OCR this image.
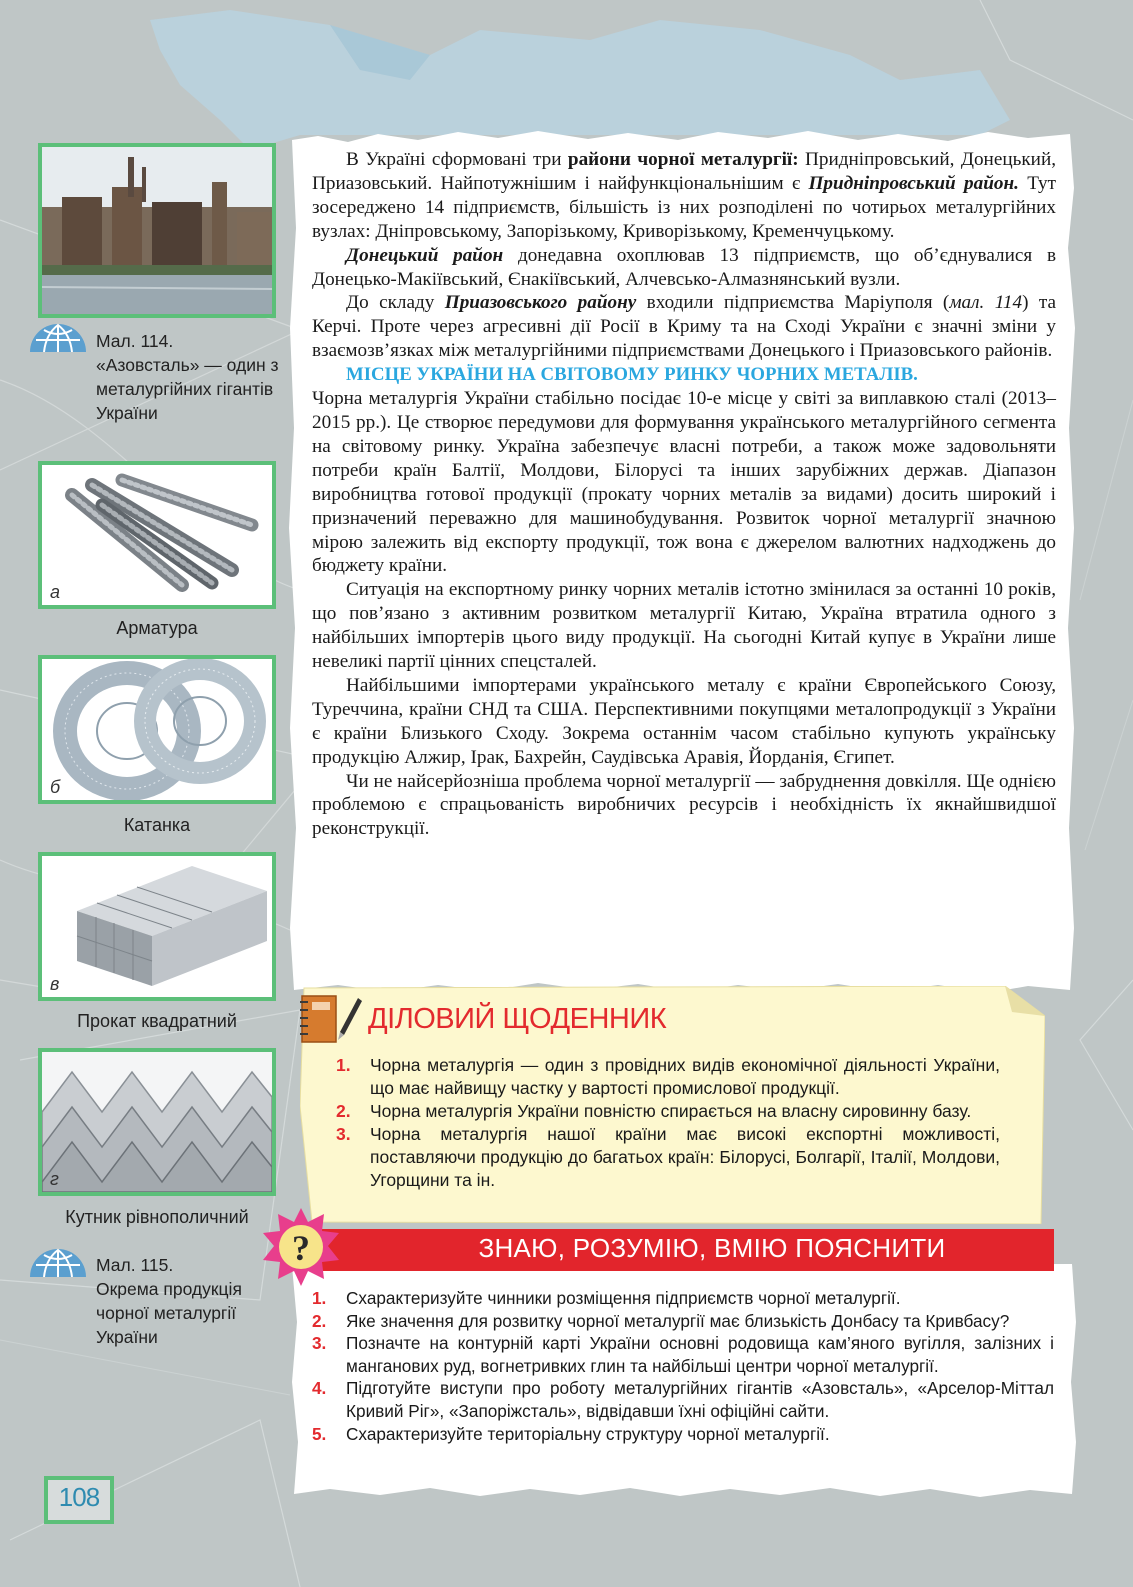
Мал. 114.
«Азовсталь» — один з металургійних гігантів України
а
Арматура
б
Катанка
в
Прокат квадратний
г
Кутник рівнополичний
Мал. 115.
Окрема продукція чорної металургії України

В Україні сформовані три райони чорної металургії: Придніпровський, Донецький, Приазовський. Найпотужнішим і найфункціональнішим є Придніпровський район. Тут зосереджено 14 підприємств, більшість із них розподілені по чотирьох металургійних вузлах: Дніпровському, Запорізькому, Криворізькому, Кременчуцькому.

Донецький район донедавна охоплював 13 підприємств, що об’єднувалися в Донецько-Макіївський, Єнакіївський, Алчевсько-Алмазнянський вузли.

До складу Приазовського району входили підприємства Маріуполя (мал. 114) та Керчі. Проте через агресивні дії Росії в Криму та на Сході України є значні зміни у взаємозв’язках між металургійними підприємствами Донецького і Приазовського районів.

МІСЦЕ УКРАЇНИ НА СВІТОВОМУ РИНКУ ЧОРНИХ МЕТАЛІВ.

Чорна металургія України стабільно посідає 10-е місце у світі за виплавкою сталі (2013–2015 рр.). Це створює передумови для формування українського металургійного сегмента на світовому ринку. Україна забезпечує власні потреби, а також може задовольняти потреби країн Балтії, Молдови, Білорусі та інших зарубіжних держав. Діапазон виробництва готової продукції (прокату чорних металів за видами) досить широкий і призначений переважно для машинобудування. Розвиток чорної металургії значною мірою залежить від експорту продукції, тож вона є джерелом валютних надходжень до бюджету країни.

Ситуація на експортному ринку чорних металів істотно змінилася за останні 10 років, що пов’язано з активним розвитком металургії Китаю, Україна втратила одного з найбільших імпортерів цього виду продукції. На сьогодні Китай купує в України лише невеликі партії цінних спецсталей.

Найбільшими імпортерами українського металу є країни Європейського Союзу, Туреччина, країни СНД та США. Перспективними покупцями металопродукції з України є країни Близького Сходу. Зокрема останнім часом стабільно купують українську продукцію Алжир, Ірак, Бахрейн, Саудівська Аравія, Йорданія, Єгипет.

Чи не найсерйозніша проблема чорної металургії — забруднення довкілля. Ще однією проблемою є спрацьованість виробничих ресурсів і необхідність їх якнайшвидшої реконструкції.

ДІЛОВИЙ ЩОДЕННИК
1. Чорна металургія — один з провідних видів економічної діяльності України, що має найвищу частку у вартості промислової продукції.
2. Чорна металургія України повністю спирається на власну сировинну базу.
3. Чорна металургія нашої країни має високі експортні можливості, поставляючи продукцію до багатьох країн: Білорусі, Болгарії, Італії, Молдови, Угорщини та ін.
?	ЗНАЮ, РОЗУМІЮ, ВМІЮ ПОЯСНИТИ
1. Схарактеризуйте чинники розміщення підприємств чорної металургії.
2. Яке значення для розвитку чорної металургії має близькість Донбасу та Кривбасу?
3. Позначте на контурній карті України основні родовища кам’яного вугілля, залізних і манганових руд, вогнетривких глин та найбільші центри чорної металургії.
4. Підготуйте виступи про роботу металургійних гігантів «Азовсталь», «Арселор-Міттал Кривий Ріг», «Запоріжсталь», відвідавши їхні офіційні сайти.
5. Схарактеризуйте територіальну структуру чорної металургії.
108
